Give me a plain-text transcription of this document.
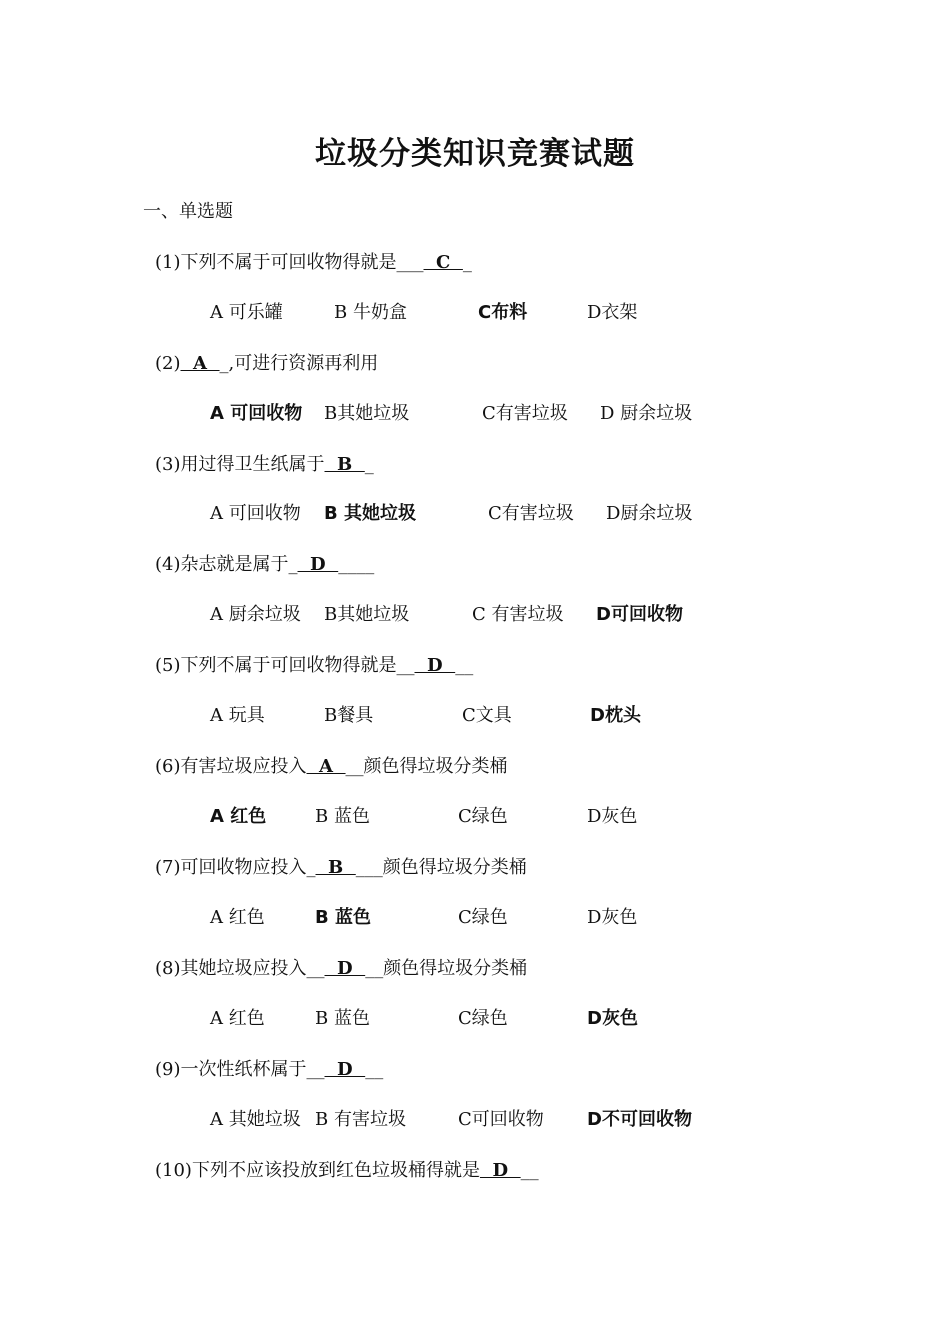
垃圾分类知识竞赛试题
一、单选题
(1)下列不属于可回收物得就是___  C  _
A 可乐罐	B 牛奶盒	C布料	D衣架
(2)  A  _,可进行资源再利用
A 可回收物 B其她垃圾	C有害垃圾 D 厨余垃圾
(3)用过得卫生纸属于  B  _
A 可回收物 B 其她垃圾	C有害垃圾 D厨余垃圾
(4)杂志就是属于_  D  ____
A 厨余垃圾 B其她垃圾	C 有害垃圾 D可回收物
(5)下列不属于可回收物得就是__  D  __
A 玩具	B餐具	C文具	D枕头
(6)有害垃圾应投入  A  __颜色得垃圾分类桶
A 红色	B 蓝色	C绿色	D灰色
(7)可回收物应投入_  B  ___颜色得垃圾分类桶
A 红色	B 蓝色	C绿色	D灰色
(8)其她垃圾应投入__  D  __颜色得垃圾分类桶
A 红色	B 蓝色	C绿色	D灰色
(9)一次性纸杯属于__  D  __
A 其她垃圾 B 有害垃圾	C可回收物 D不可回收物
(10)下列不应该投放到红色垃圾桶得就是  D  __
